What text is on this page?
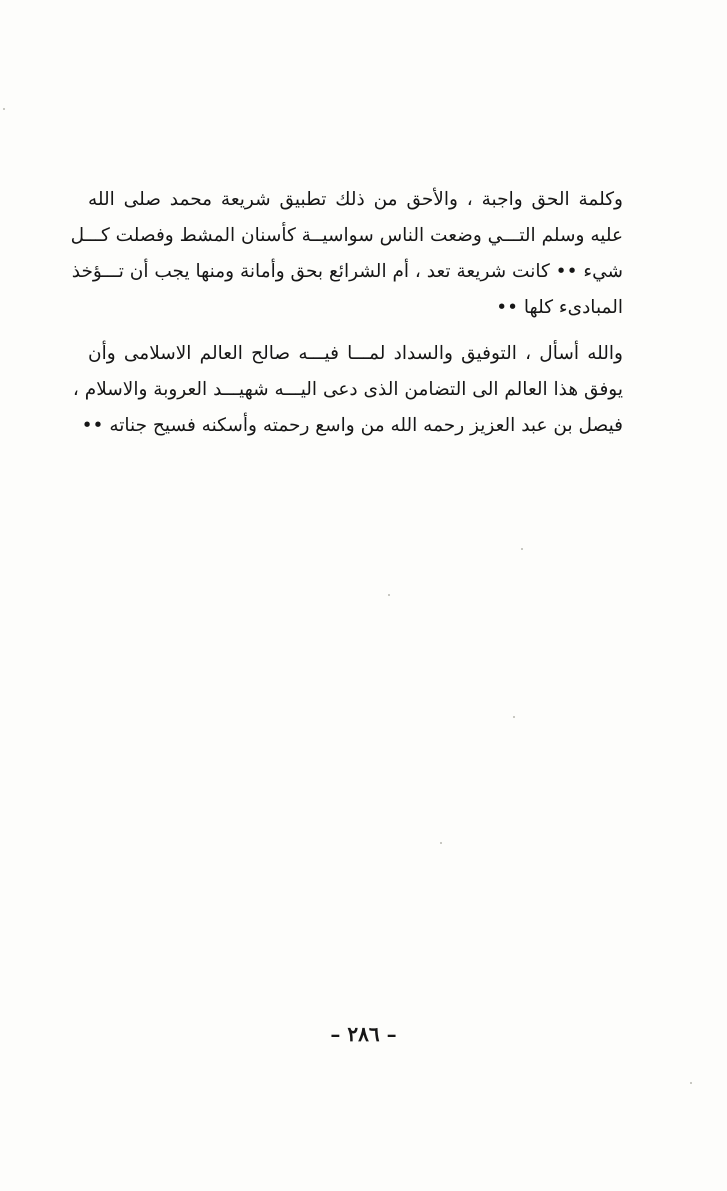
وكلمة الحق واجبة ، والأحق من ذلك تطبيق شريعة محمد صلى الله
عليه وسلم التـــي وضعت الناس سواسيــة كأسنان المشط وفصلت كـــل
شيء •• كانت شريعة تعد ، أم الشرائع بحق وأمانة ومنها يجب أن تـــؤخذ
المبادىء كلها ••
والله أسأل ، التوفيق والسداد لمـــا فيـــه صالح العالم الاسلامى وأن
يوفق هذا العالم الى التضامن الذى دعى اليـــه شهيـــد العروبة والاسلام ،
فيصل بن عبد العزيز رحمه الله من واسع رحمته وأسكنه فسيح جناته ••
– ٢٨٦ –
